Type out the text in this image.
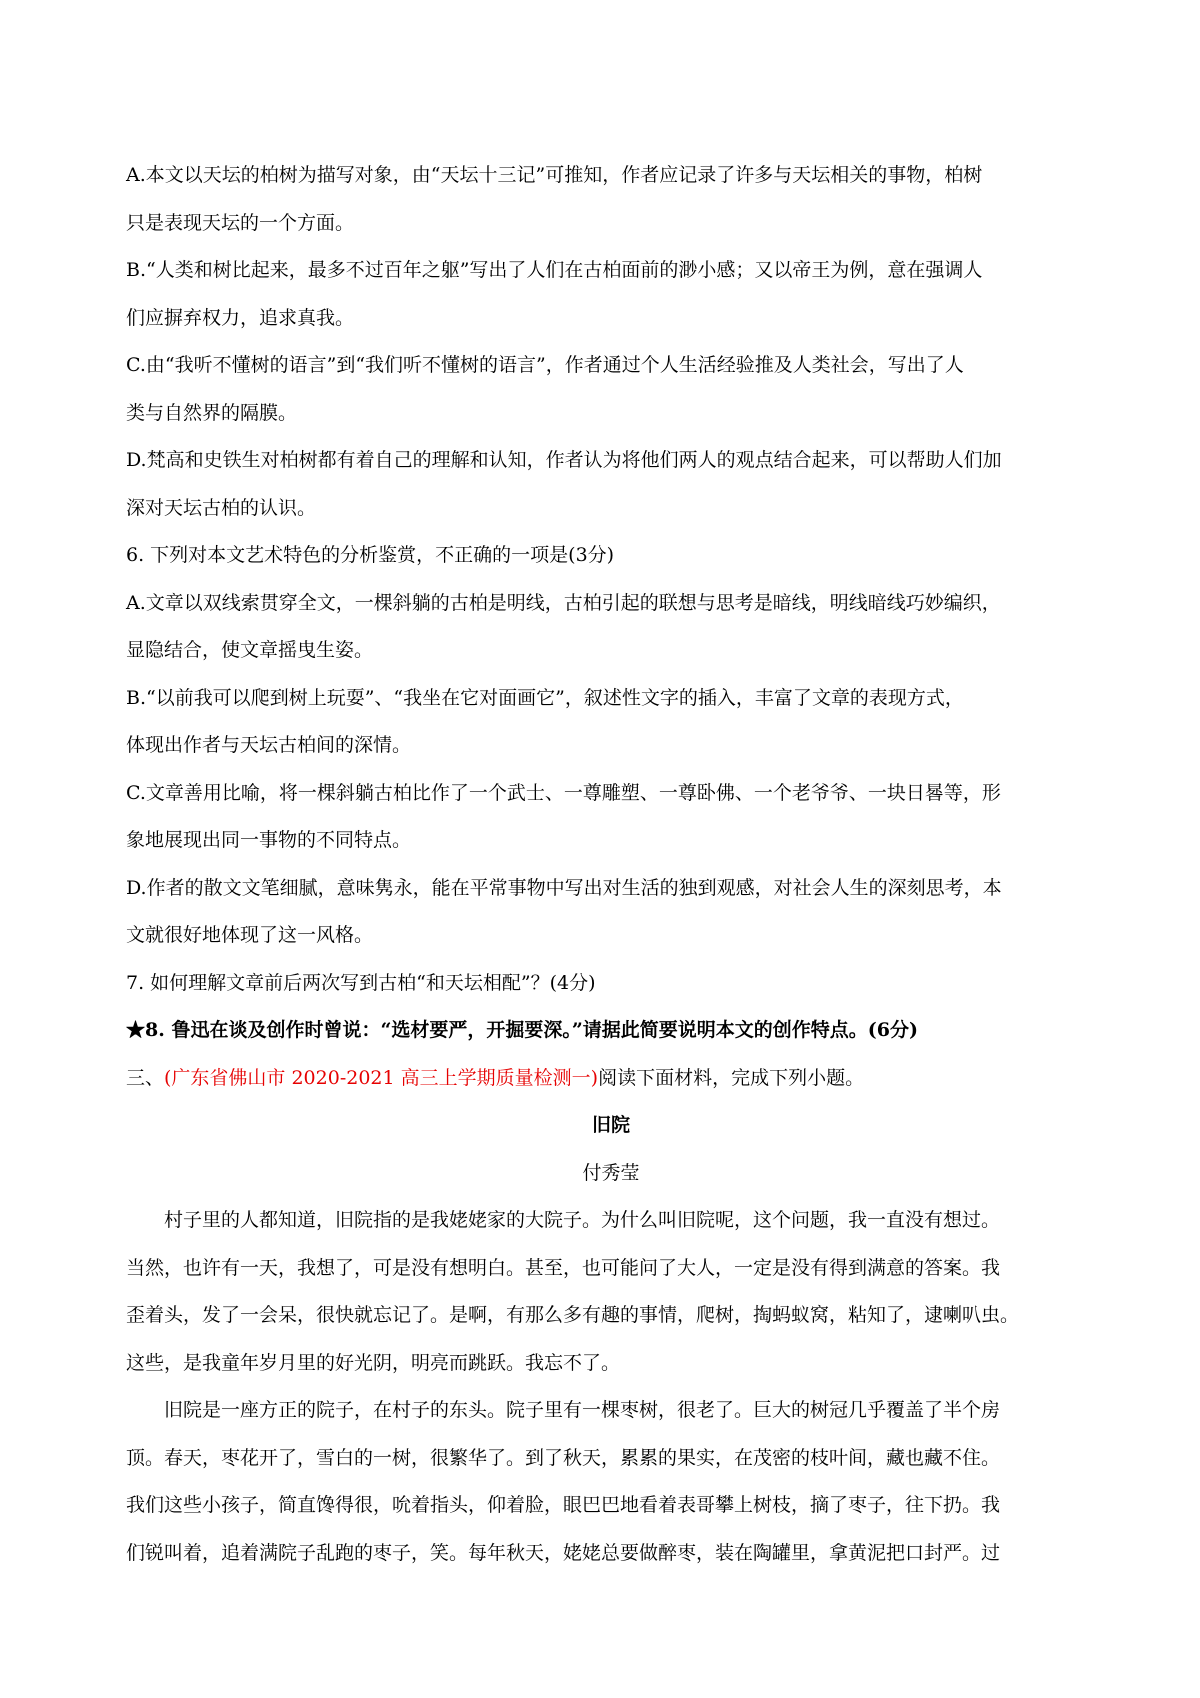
A.本文以天坛的柏树为描写对象，由“天坛十三记”可推知，作者应记录了许多与天坛相关的事物，柏树
只是表现天坛的一个方面。

B.“人类和树比起来，最多不过百年之躯”写出了人们在古柏面前的渺小感；又以帝王为例，意在强调人
们应摒弃权力，追求真我。

C.由“我听不懂树的语言”到“我们听不懂树的语言”，作者通过个人生活经验推及人类社会，写出了人
类与自然界的隔膜。

D.梵高和史铁生对柏树都有着自己的理解和认知，作者认为将他们两人的观点结合起来，可以帮助人们加
深对天坛古柏的认识。

6. 下列对本文艺术特色的分析鉴赏，不正确的一项是(3分)

A.文章以双线索贯穿全文，一棵斜躺的古柏是明线，古柏引起的联想与思考是暗线，明线暗线巧妙编织，
显隐结合，使文章摇曳生姿。

B.“以前我可以爬到树上玩耍”、“我坐在它对面画它”，叙述性文字的插入，丰富了文章的表现方式，
体现出作者与天坛古柏间的深情。

C.文章善用比喻，将一棵斜躺古柏比作了一个武士、一尊雕塑、一尊卧佛、一个老爷爷、一块日晷等，形
象地展现出同一事物的不同特点。

D.作者的散文文笔细腻，意味隽永，能在平常事物中写出对生活的独到观感，对社会人生的深刻思考，本
文就很好地体现了这一风格。

7. 如何理解文章前后两次写到古柏“和天坛相配”？(4分)

★8. 鲁迅在谈及创作时曾说：“选材要严，开掘要深。”请据此简要说明本文的创作特点。(6分)

三、(广东省佛山市 2020-2021 高三上学期质量检测一)阅读下面材料，完成下列小题。

旧院

付秀莹

村子里的人都知道，旧院指的是我姥姥家的大院子。为什么叫旧院呢，这个问题，我一直没有想过。
当然，也许有一天，我想了，可是没有想明白。甚至，也可能问了大人，一定是没有得到满意的答案。我
歪着头，发了一会呆，很快就忘记了。是啊，有那么多有趣的事情，爬树，掏蚂蚁窝，粘知了，逮喇叭虫。
这些，是我童年岁月里的好光阴，明亮而跳跃。我忘不了。

旧院是一座方正的院子，在村子的东头。院子里有一棵枣树，很老了。巨大的树冠几乎覆盖了半个房
顶。春天，枣花开了，雪白的一树，很繁华了。到了秋天，累累的果实，在茂密的枝叶间，藏也藏不住。
我们这些小孩子，简直馋得很，吮着指头，仰着脸，眼巴巴地看着表哥攀上树枝，摘了枣子，往下扔。我
们锐叫着，追着满院子乱跑的枣子，笑。每年秋天，姥姥总要做醉枣，装在陶罐里，拿黄泥把口封严。过
